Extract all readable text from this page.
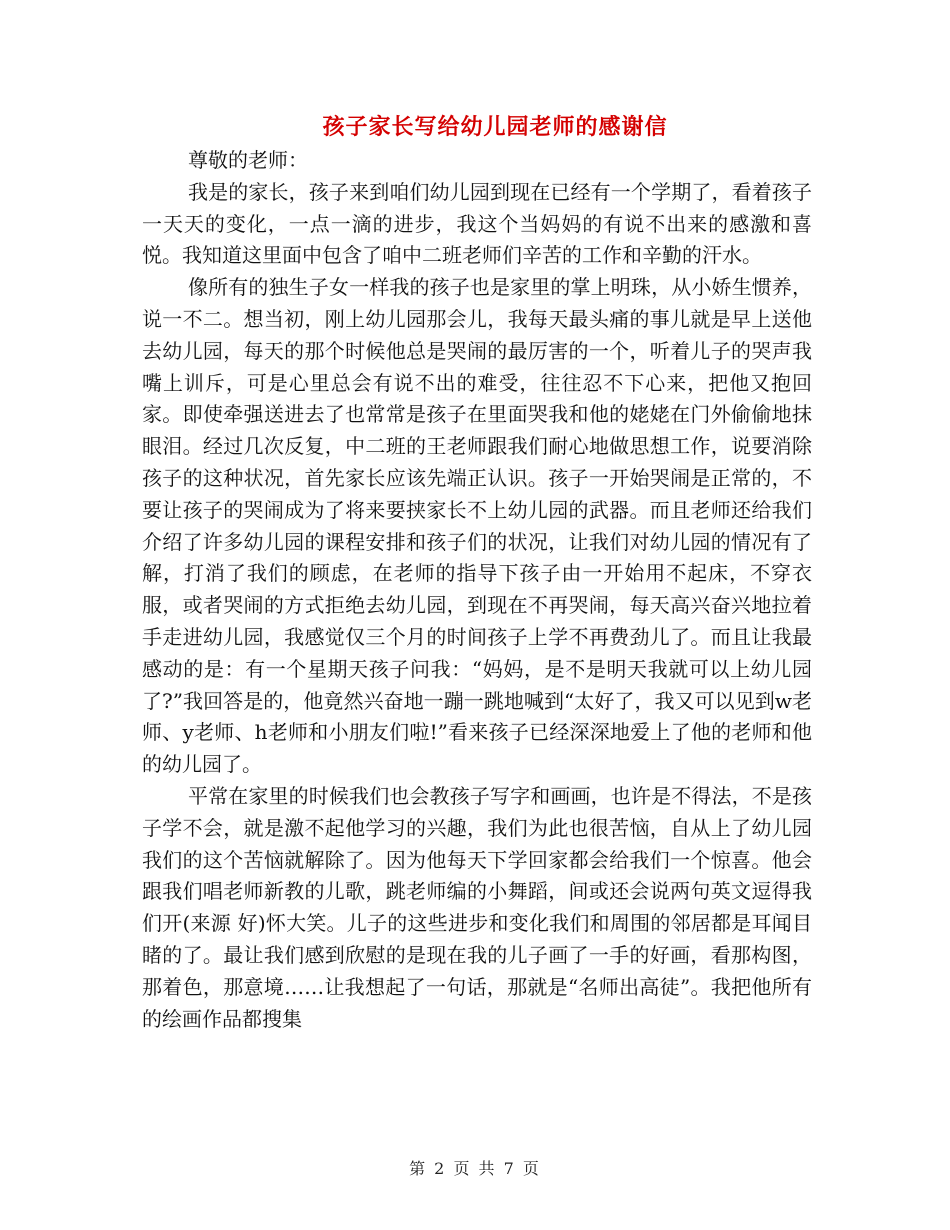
孩子家长写给幼儿园老师的感谢信

尊敬的老师：

我是的家长，孩子来到咱们幼儿园到现在已经有一个学期了，看着孩子一天天的变化，一点一滴的进步，我这个当妈妈的有说不出来的感激和喜悦。我知道这里面中包含了咱中二班老师们辛苦的工作和辛勤的汗水。

像所有的独生子女一样我的孩子也是家里的掌上明珠，从小娇生惯养，说一不二。想当初，刚上幼儿园那会儿，我每天最头痛的事儿就是早上送他去幼儿园，每天的那个时候他总是哭闹的最厉害的一个，听着儿子的哭声我嘴上训斥，可是心里总会有说不出的难受，往往忍不下心来，把他又抱回家。即使牵强送进去了也常常是孩子在里面哭我和他的姥姥在门外偷偷地抹眼泪。经过几次反复，中二班的王老师跟我们耐心地做思想工作，说要消除孩子的这种状况，首先家长应该先端正认识。孩子一开始哭闹是正常的，不要让孩子的哭闹成为了将来要挟家长不上幼儿园的武器。而且老师还给我们介绍了许多幼儿园的课程安排和孩子们的状况，让我们对幼儿园的情况有了解，打消了我们的顾虑，在老师的指导下孩子由一开始用不起床，不穿衣服，或者哭闹的方式拒绝去幼儿园，到现在不再哭闹，每天高兴奋兴地拉着手走进幼儿园，我感觉仅三个月的时间孩子上学不再费劲儿了。而且让我最感动的是：有一个星期天孩子问我：“妈妈，是不是明天我就可以上幼儿园了?”我回答是的，他竟然兴奋地一蹦一跳地喊到“太好了，我又可以见到w老师、y老师、h老师和小朋友们啦!”看来孩子已经深深地爱上了他的老师和他的幼儿园了。

平常在家里的时候我们也会教孩子写字和画画，也许是不得法，不是孩子学不会，就是激不起他学习的兴趣，我们为此也很苦恼，自从上了幼儿园我们的这个苦恼就解除了。因为他每天下学回家都会给我们一个惊喜。他会跟我们唱老师新教的儿歌，跳老师编的小舞蹈，间或还会说两句英文逗得我们开(来源 好)怀大笑。儿子的这些进步和变化我们和周围的邻居都是耳闻目睹的了。最让我们感到欣慰的是现在我的儿子画了一手的好画，看那构图，那着色，那意境……让我想起了一句话，那就是“名师出高徒”。我把他所有的绘画作品都搜集

第 2 页 共 7 页
